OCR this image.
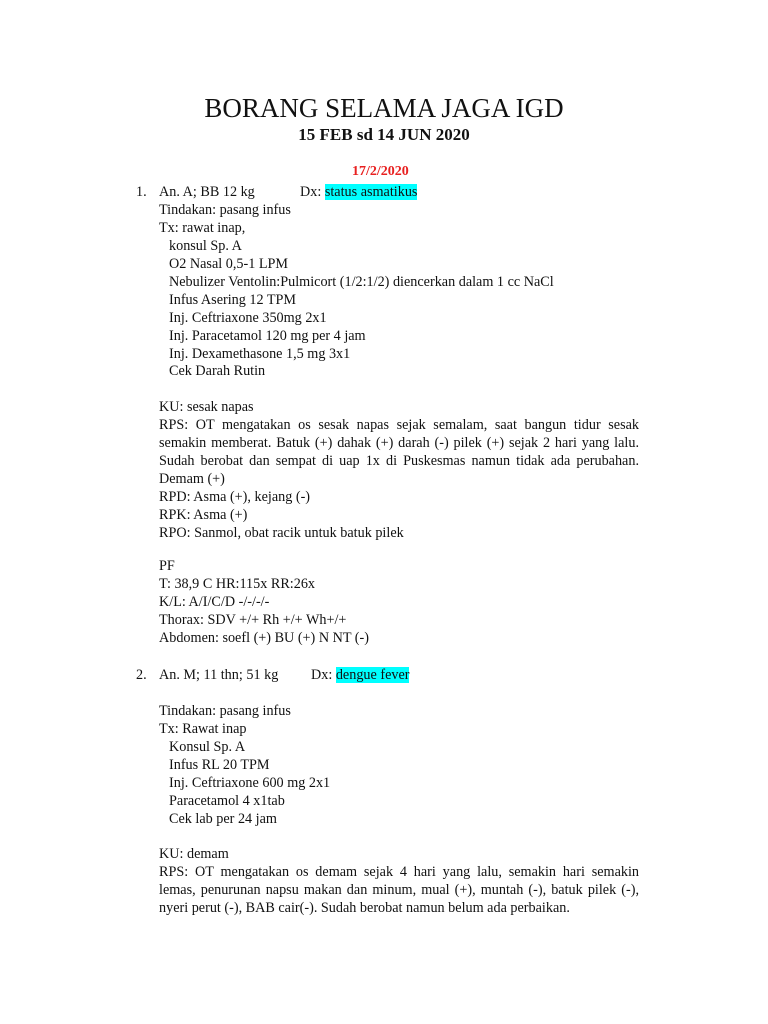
BORANG SELAMA JAGA IGD
15 FEB sd 14 JUN 2020
17/2/2020
1. An. A; BB 12 kg	Dx: status asmatikus
Tindakan: pasang infus
Tx: rawat inap,
konsul Sp. A
O2 Nasal 0,5-1 LPM
Nebulizer Ventolin:Pulmicort (1/2:1/2) diencerkan dalam 1 cc NaCl
Infus Asering 12 TPM
Inj. Ceftriaxone 350mg 2x1
Inj. Paracetamol 120 mg per 4 jam
Inj. Dexamethasone 1,5 mg 3x1
Cek Darah Rutin
KU: sesak napas
RPS: OT mengatakan os sesak napas sejak semalam, saat bangun tidur sesak
semakin memberat. Batuk (+) dahak (+) darah (-) pilek (+) sejak 2 hari yang lalu.
Sudah berobat dan sempat di uap 1x di Puskesmas namun tidak ada perubahan.
Demam (+)
RPD: Asma (+), kejang (-)
RPK: Asma (+)
RPO: Sanmol, obat racik untuk batuk pilek
PF
T: 38,9 C HR:115x RR:26x
K/L: A/I/C/D -/-/-/-
Thorax: SDV +/+ Rh +/+ Wh+/+
Abdomen: soefl (+) BU (+) N NT (-)
2. An. M; 11 thn; 51 kg Dx: dengue fever
Tindakan: pasang infus
Tx: Rawat inap
Konsul Sp. A
Infus RL 20 TPM
Inj. Ceftriaxone 600 mg 2x1
Paracetamol 4 x1tab
Cek lab per 24 jam
KU: demam
RPS: OT mengatakan os demam sejak 4 hari yang lalu, semakin hari semakin
lemas, penurunan napsu makan dan minum, mual (+), muntah (-), batuk pilek (-),
nyeri perut (-), BAB cair(-). Sudah berobat namun belum ada perbaikan.
